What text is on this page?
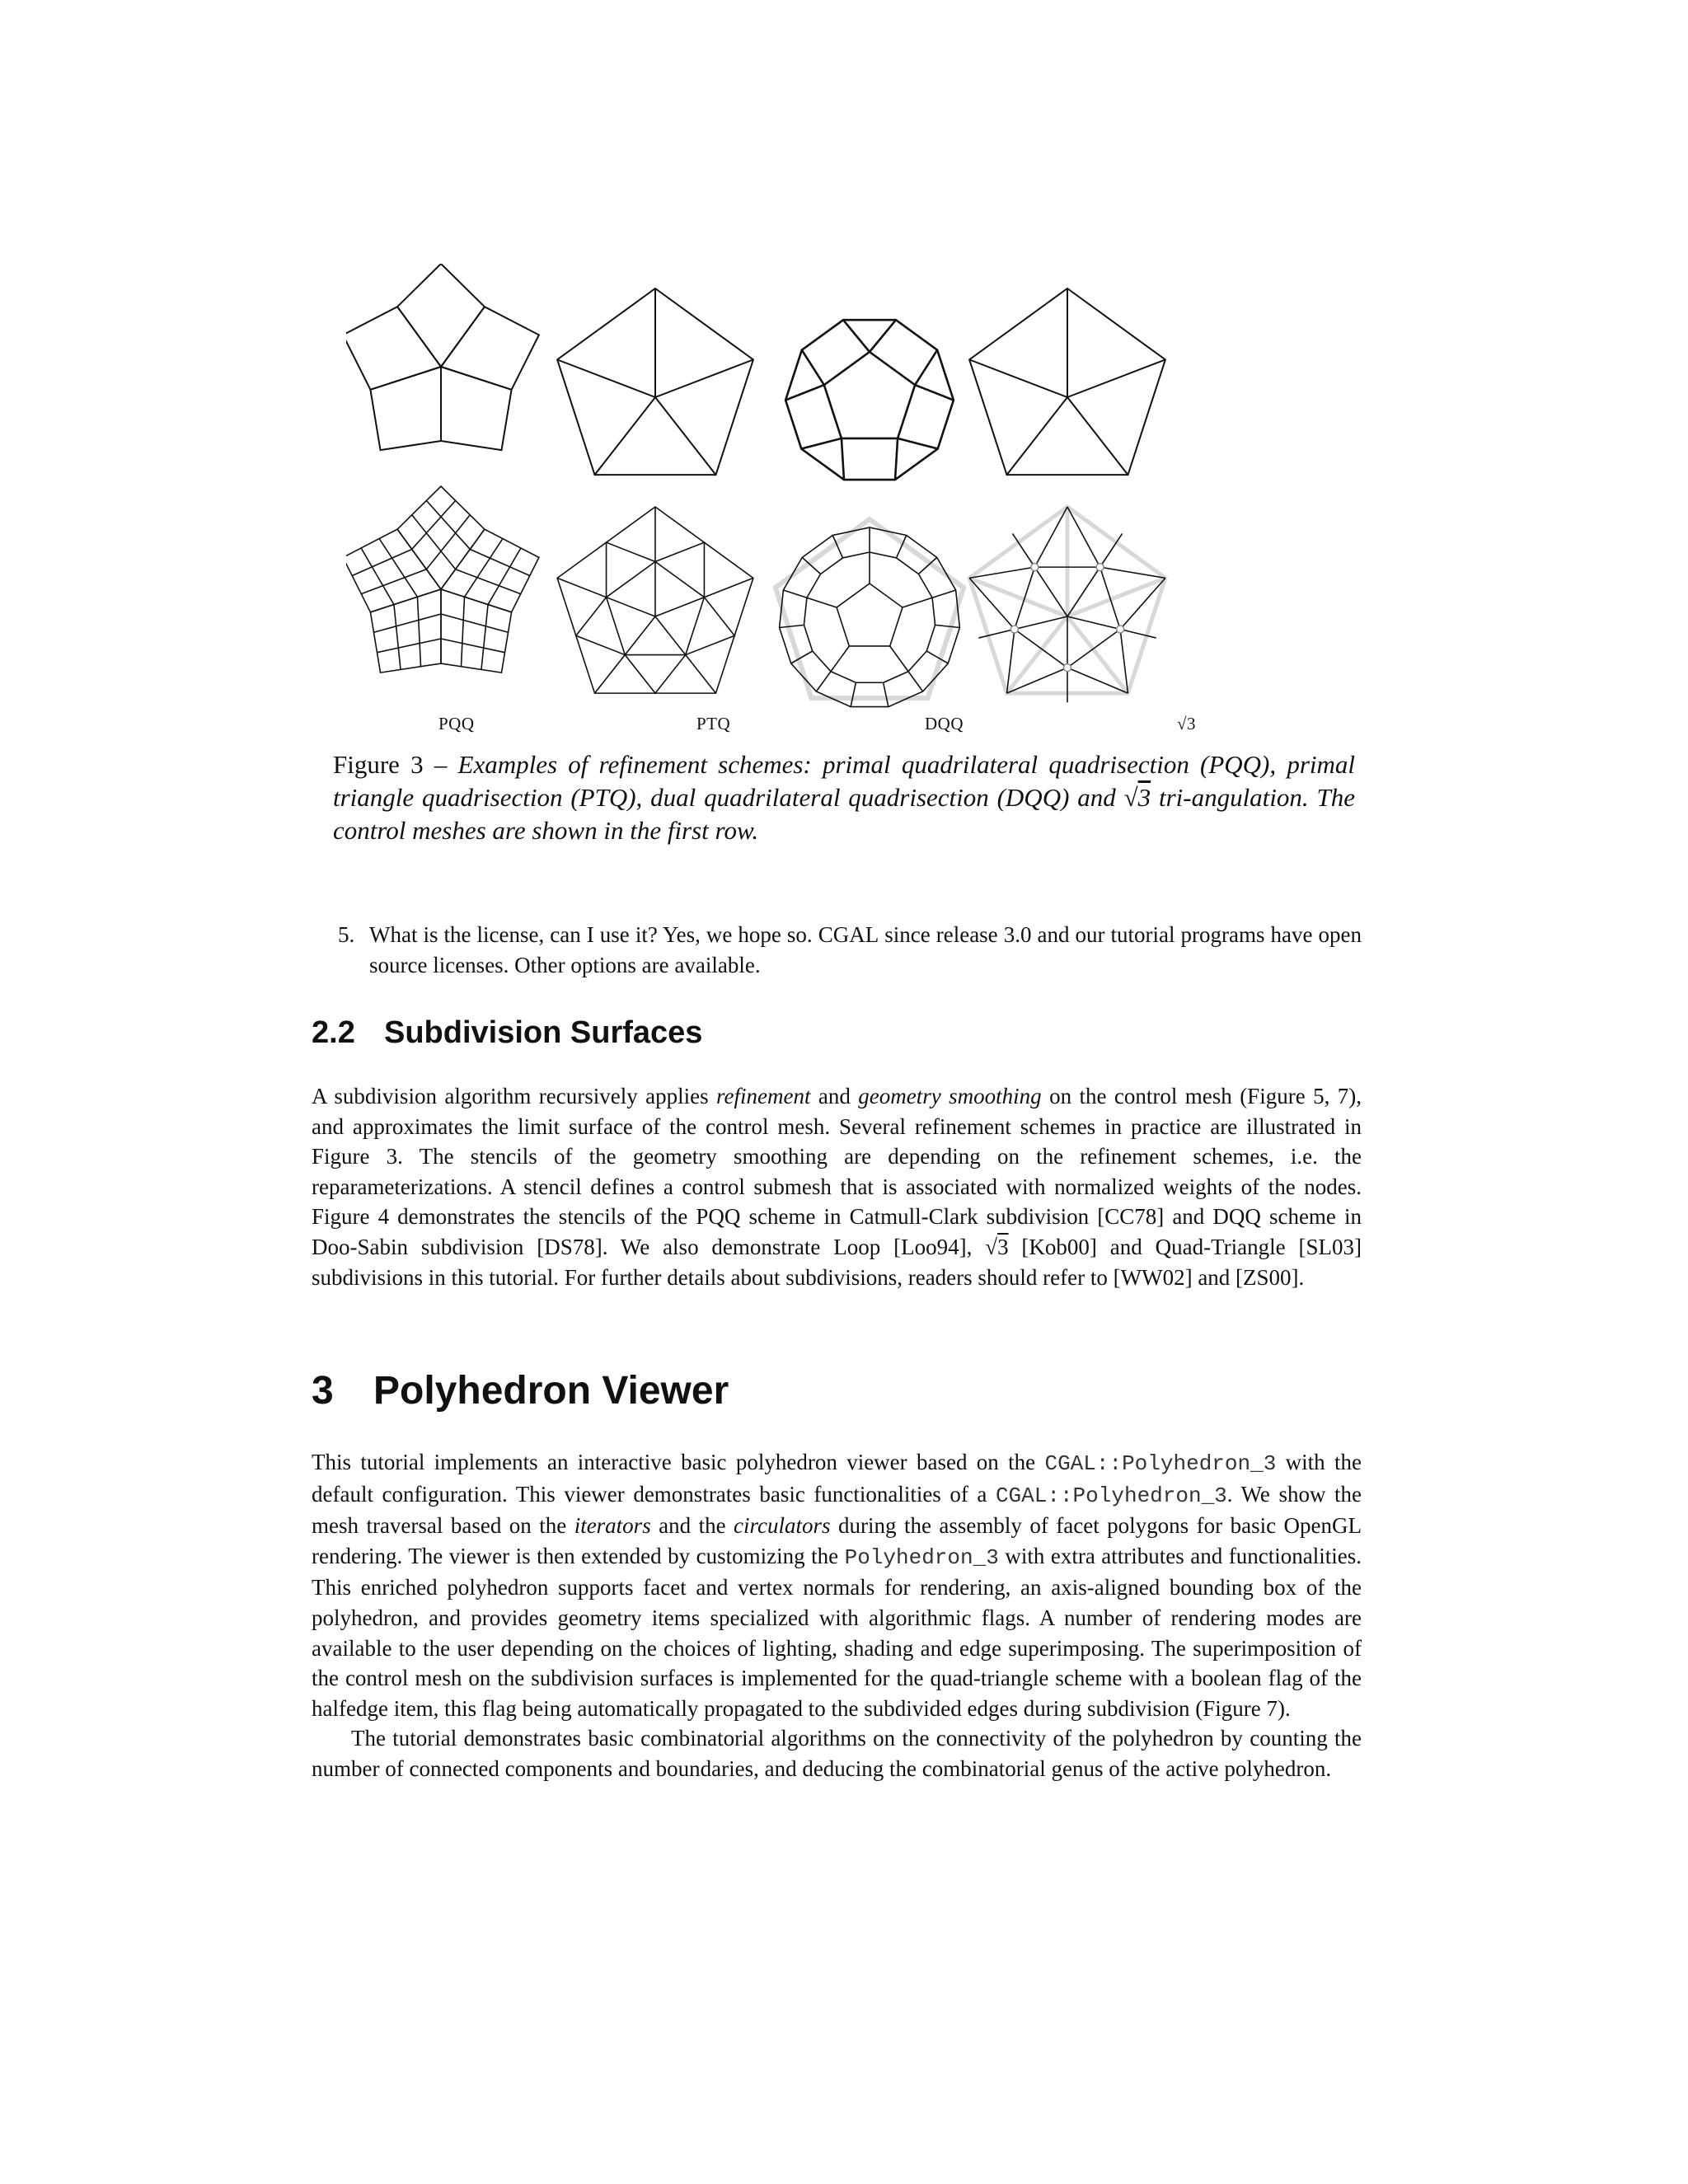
PQQ	PTQ	DQQ	√3
Figure 3 – Examples of refinement schemes: primal quadrilateral quadrisection (PQQ), primal triangle quadrisection (PTQ), dual quadrilateral quadrisection (DQQ) and √3 tri-angulation. The control meshes are shown in the first row.
5. What is the license, can I use it? Yes, we hope so. CGAL since release 3.0 and our tutorial programs have open source licenses. Other options are available.
2.2 Subdivision Surfaces

A subdivision algorithm recursively applies refinement and geometry smoothing on the control mesh (Figure 5, 7), and approximates the limit surface of the control mesh. Several refinement schemes in practice are illustrated in Figure 3. The stencils of the geometry smoothing are depending on the refinement schemes, i.e. the reparameterizations. A stencil defines a control submesh that is associated with normalized weights of the nodes. Figure 4 demonstrates the stencils of the PQQ scheme in Catmull-Clark subdivision [CC78] and DQQ scheme in Doo-Sabin subdivision [DS78]. We also demonstrate Loop [Loo94], √3 [Kob00] and Quad-Triangle [SL03] subdivisions in this tutorial. For further details about subdivisions, readers should refer to [WW02] and [ZS00].

3 Polyhedron Viewer

This tutorial implements an interactive basic polyhedron viewer based on the CGAL::Polyhedron_3 with the default configuration. This viewer demonstrates basic functionalities of a CGAL::Polyhedron_3. We show the mesh traversal based on the iterators and the circulators during the assembly of facet polygons for basic OpenGL rendering. The viewer is then extended by customizing the Polyhedron_3 with extra attributes and functionalities. This enriched polyhedron supports facet and vertex normals for rendering, an axis-aligned bounding box of the polyhedron, and provides geometry items specialized with algorithmic flags. A number of rendering modes are available to the user depending on the choices of lighting, shading and edge superimposing. The superimposition of the control mesh on the subdivision surfaces is implemented for the quad-triangle scheme with a boolean flag of the halfedge item, this flag being automatically propagated to the subdivided edges during subdivision (Figure 7).

The tutorial demonstrates basic combinatorial algorithms on the connectivity of the polyhedron by counting the number of connected components and boundaries, and deducing the combinatorial genus of the active polyhedron.
